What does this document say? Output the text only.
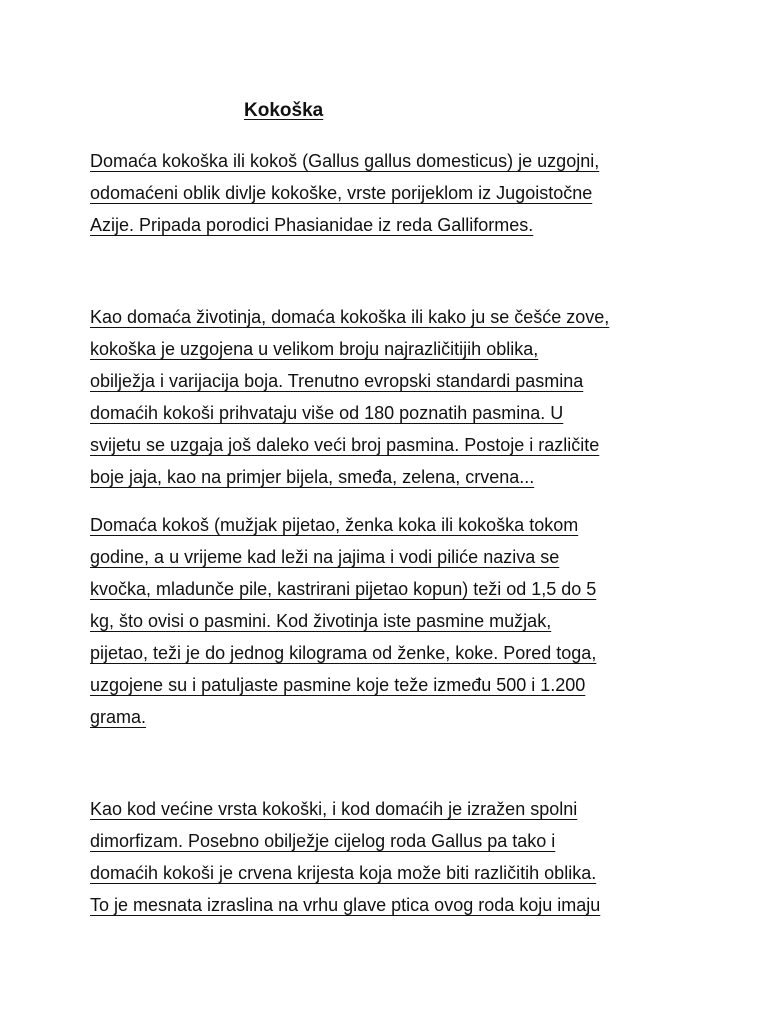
Kokoška

Domaća kokoška ili kokoš (Gallus gallus domesticus) je uzgojni,

odomaćeni oblik divlje kokoške, vrste porijeklom iz Jugoistočne

Azije. Pripada porodici Phasianidae iz reda Galliformes.

Kao domaća životinja, domaća kokoška ili kako ju se češće zove,

kokoška je uzgojena u velikom broju najrazličitijih oblika,

obilježja i varijacija boja. Trenutno evropski standardi pasmina

domaćih kokoši prihvataju više od 180 poznatih pasmina. U

svijetu se uzgaja još daleko veći broj pasmina. Postoje i različite

boje jaja, kao na primjer bijela, smeđa, zelena, crvena...

Domaća kokoš (mužjak pijetao, ženka koka ili kokoška tokom

godine, a u vrijeme kad leži na jajima i vodi piliće naziva se

kvočka, mladunče pile, kastrirani pijetao kopun) teži od 1,5 do 5

kg, što ovisi o pasmini. Kod životinja iste pasmine mužjak,

pijetao, teži je do jednog kilograma od ženke, koke. Pored toga,

uzgojene su i patuljaste pasmine koje teže između 500 i 1.200

grama.

Kao kod većine vrsta kokoški, i kod domaćih je izražen spolni

dimorfizam. Posebno obilježje cijelog roda Gallus pa tako i

domaćih kokoši je crvena krijesta koja može biti različitih oblika.

To je mesnata izraslina na vrhu glave ptica ovog roda koju imaju
